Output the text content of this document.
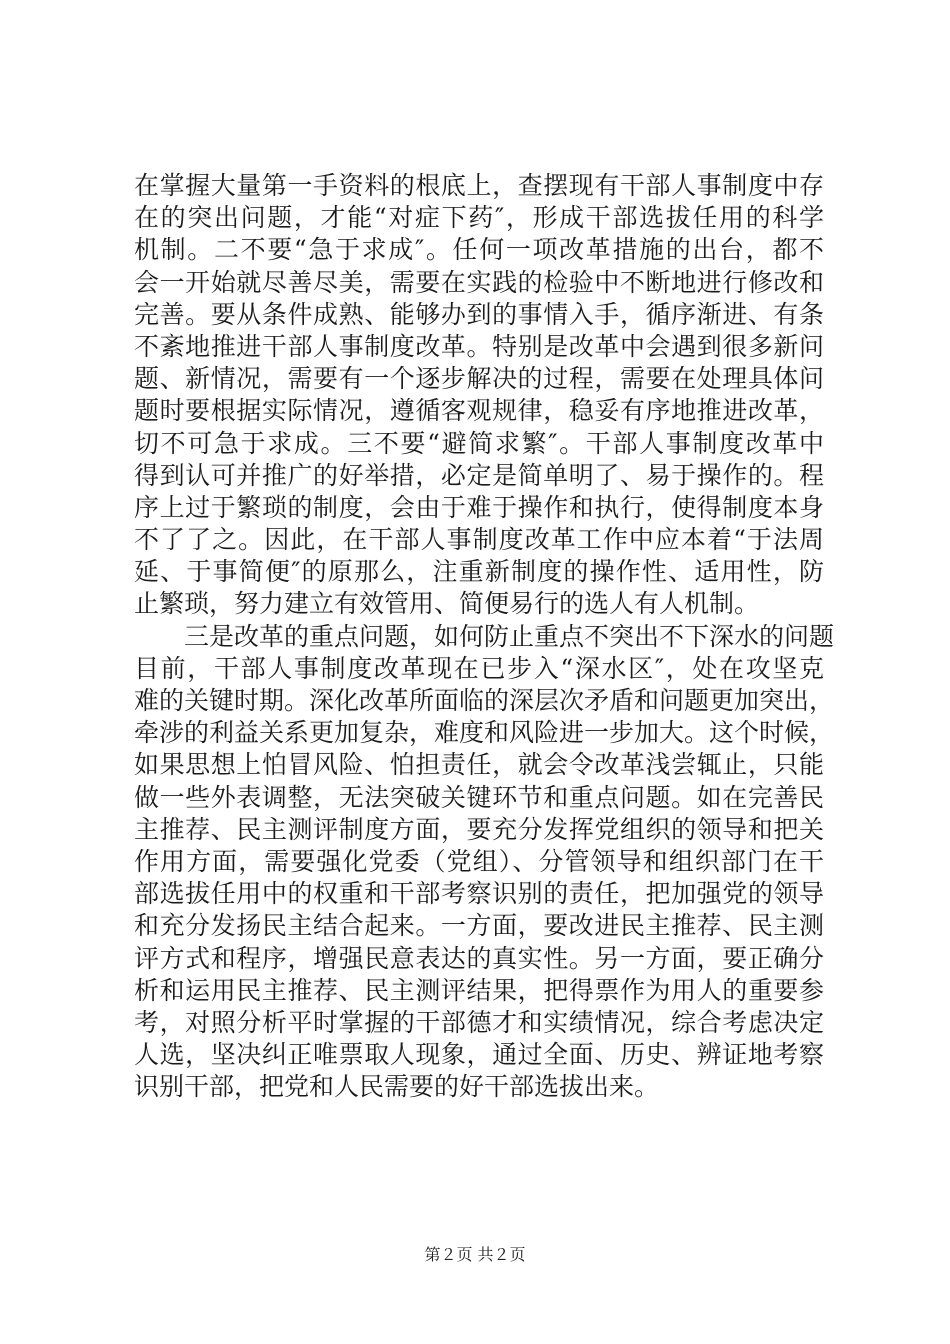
在掌握大量第一手资料的根底上，查摆现有干部人事制度中存
在的突出问题，才能“对症下药″，形成干部选拔任用的科学
机制。二不要“急于求成″。任何一项改革措施的出台，都不
会一开始就尽善尽美，需要在实践的检验中不断地进行修改和
完善。要从条件成熟、能够办到的事情入手，循序渐进、有条
不紊地推进干部人事制度改革。特别是改革中会遇到很多新问
题、新情况，需要有一个逐步解决的过程，需要在处理具体问
题时要根据实际情况，遵循客观规律，稳妥有序地推进改革，
切不可急于求成。三不要“避简求繁″。干部人事制度改革中
得到认可并推广的好举措，必定是简单明了、易于操作的。程
序上过于繁琐的制度，会由于难于操作和执行，使得制度本身
不了了之。因此，在干部人事制度改革工作中应本着“于法周
延、于事简便″的原那么，注重新制度的操作性、适用性，防
止繁琐，努力建立有效管用、简便易行的选人有人机制。
　　三是改革的重点问题，如何防止重点不突出不下深水的问题
目前，干部人事制度改革现在已步入“深水区″，处在攻坚克
难的关键时期。深化改革所面临的深层次矛盾和问题更加突出，
牵涉的利益关系更加复杂，难度和风险进一步加大。这个时候，
如果思想上怕冒风险、怕担责任，就会令改革浅尝辄止，只能
做一些外表调整，无法突破关键环节和重点问题。如在完善民
主推荐、民主测评制度方面，要充分发挥党组织的领导和把关
作用方面，需要强化党委（党组）、分管领导和组织部门在干
部选拔任用中的权重和干部考察识别的责任，把加强党的领导
和充分发扬民主结合起来。一方面，要改进民主推荐、民主测
评方式和程序，增强民意表达的真实性。另一方面，要正确分
析和运用民主推荐、民主测评结果，把得票作为用人的重要参
考，对照分析平时掌握的干部德才和实绩情况，综合考虑决定
人选，坚决纠正唯票取人现象，通过全面、历史、辨证地考察
识别干部，把党和人民需要的好干部选拔出来。
第２页 共２页
